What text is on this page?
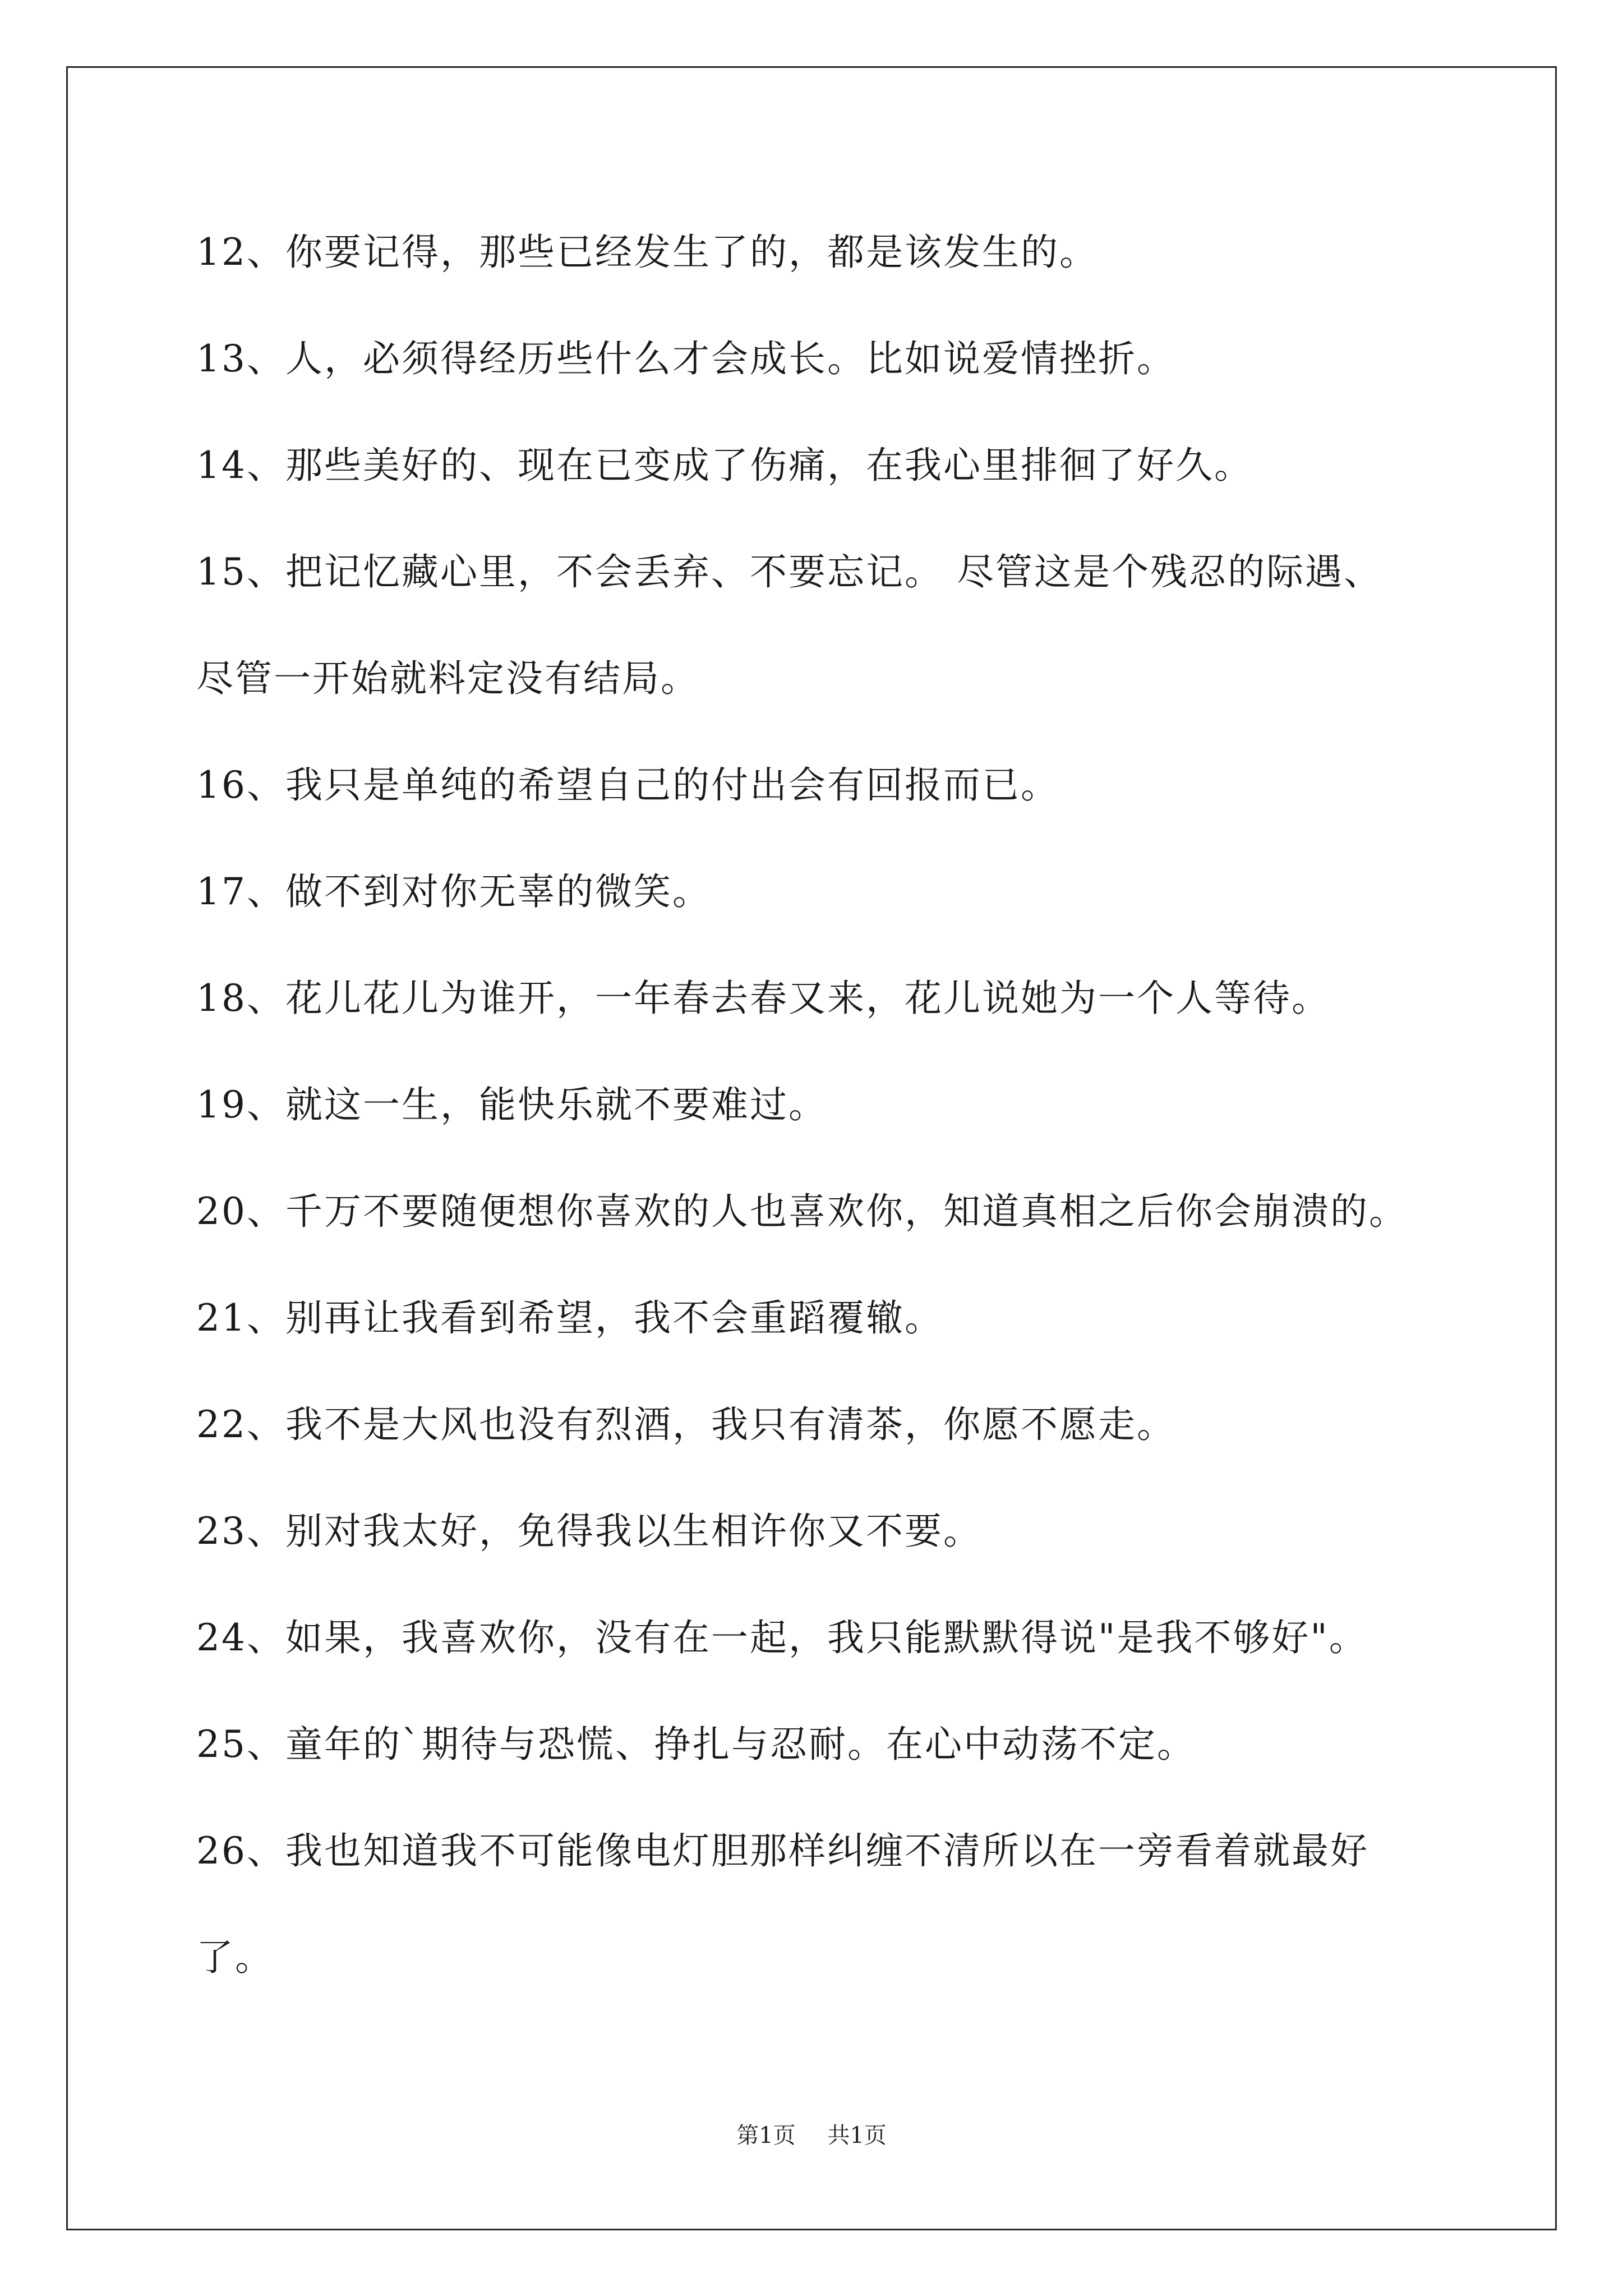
12、你要记得，那些已经发生了的，都是该发生的。
13、人，必须得经历些什么才会成长。比如说爱情挫折。
14、那些美好的、现在已变成了伤痛，在我心里排徊了好久。
15、把记忆藏心里，不会丢弃、不要忘记。 尽管这是个残忍的际遇、
尽管一开始就料定没有结局。
16、我只是单纯的希望自己的付出会有回报而已。
17、做不到对你无辜的微笑。
18、花儿花儿为谁开，一年春去春又来，花儿说她为一个人等待。
19、就这一生，能快乐就不要难过。
20、千万不要随便想你喜欢的人也喜欢你，知道真相之后你会崩溃的。
21、别再让我看到希望，我不会重蹈覆辙。
22、我不是大风也没有烈酒，我只有清茶，你愿不愿走。
23、别对我太好，免得我以生相许你又不要。
24、如果，我喜欢你，没有在一起，我只能默默得说"是我不够好"。
25、童年的`期待与恐慌、挣扎与忍耐。在心中动荡不定。
26、我也知道我不可能像电灯胆那样纠缠不清所以在一旁看着就最好
了。
第1页 共1页
